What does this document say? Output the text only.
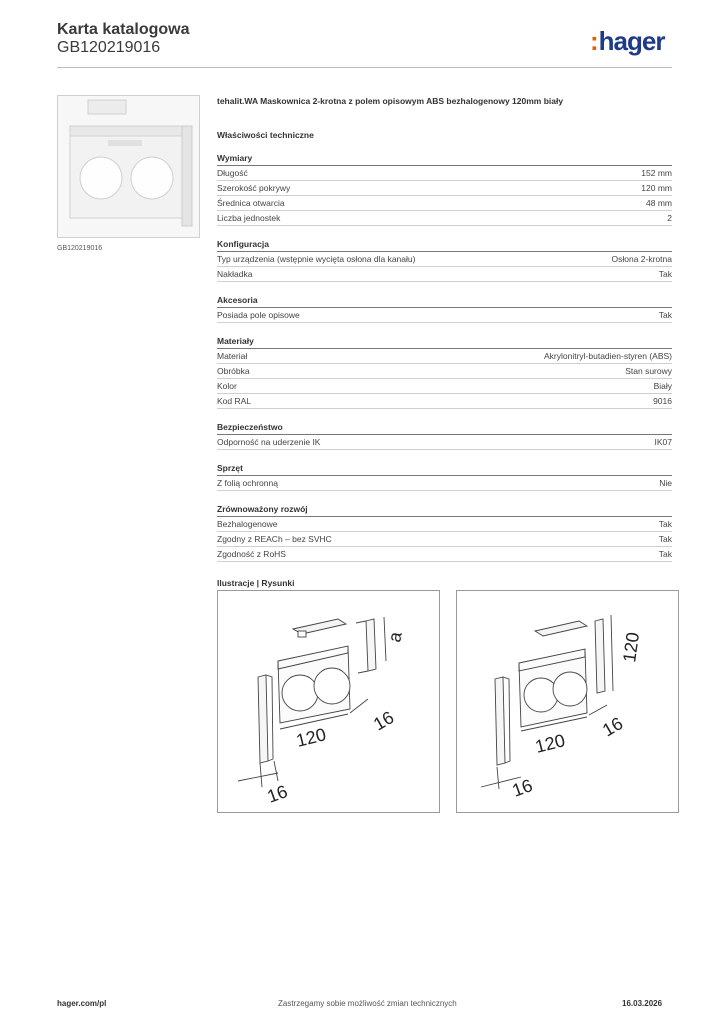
Karta katalogowa
GB120219016	:hager
GB120219016
tehalit.WA Maskownica 2-krotna z polem opisowym ABS bezhalogenowy 120mm biały
Właściwości techniczne
Wymiary
Długość	152 mm
Szerokość pokrywy	120 mm
Średnica otwarcia	48 mm
Liczba jednostek	2
Konfiguracja
Typ urządzenia (wstępnie wycięta osłona dla kanału)	Osłona 2-krotna
Nakładka	Tak
Akcesoria
Posiada pole opisowe	Tak
Materiały
Materiał	Akrylonitryl-butadien-styren (ABS)
Obróbka	Stan surowy
Kolor	Biały
Kod RAL	9016
Bezpieczeństwo
Odporność na uderzenie IK	IK07
Sprzęt
Z folią ochronną	Nie
Zrównoważony rozwój
Bezhalogenowe	Tak
Zgodny z REACh – bez SVHC	Tak
Zgodność z RoHS	Tak
Ilustracje | Rysunki
120
16
16
a
120
16
16
120
hager.com/pl	Zastrzegamy sobie możliwość zmian technicznych	16.03.2026
